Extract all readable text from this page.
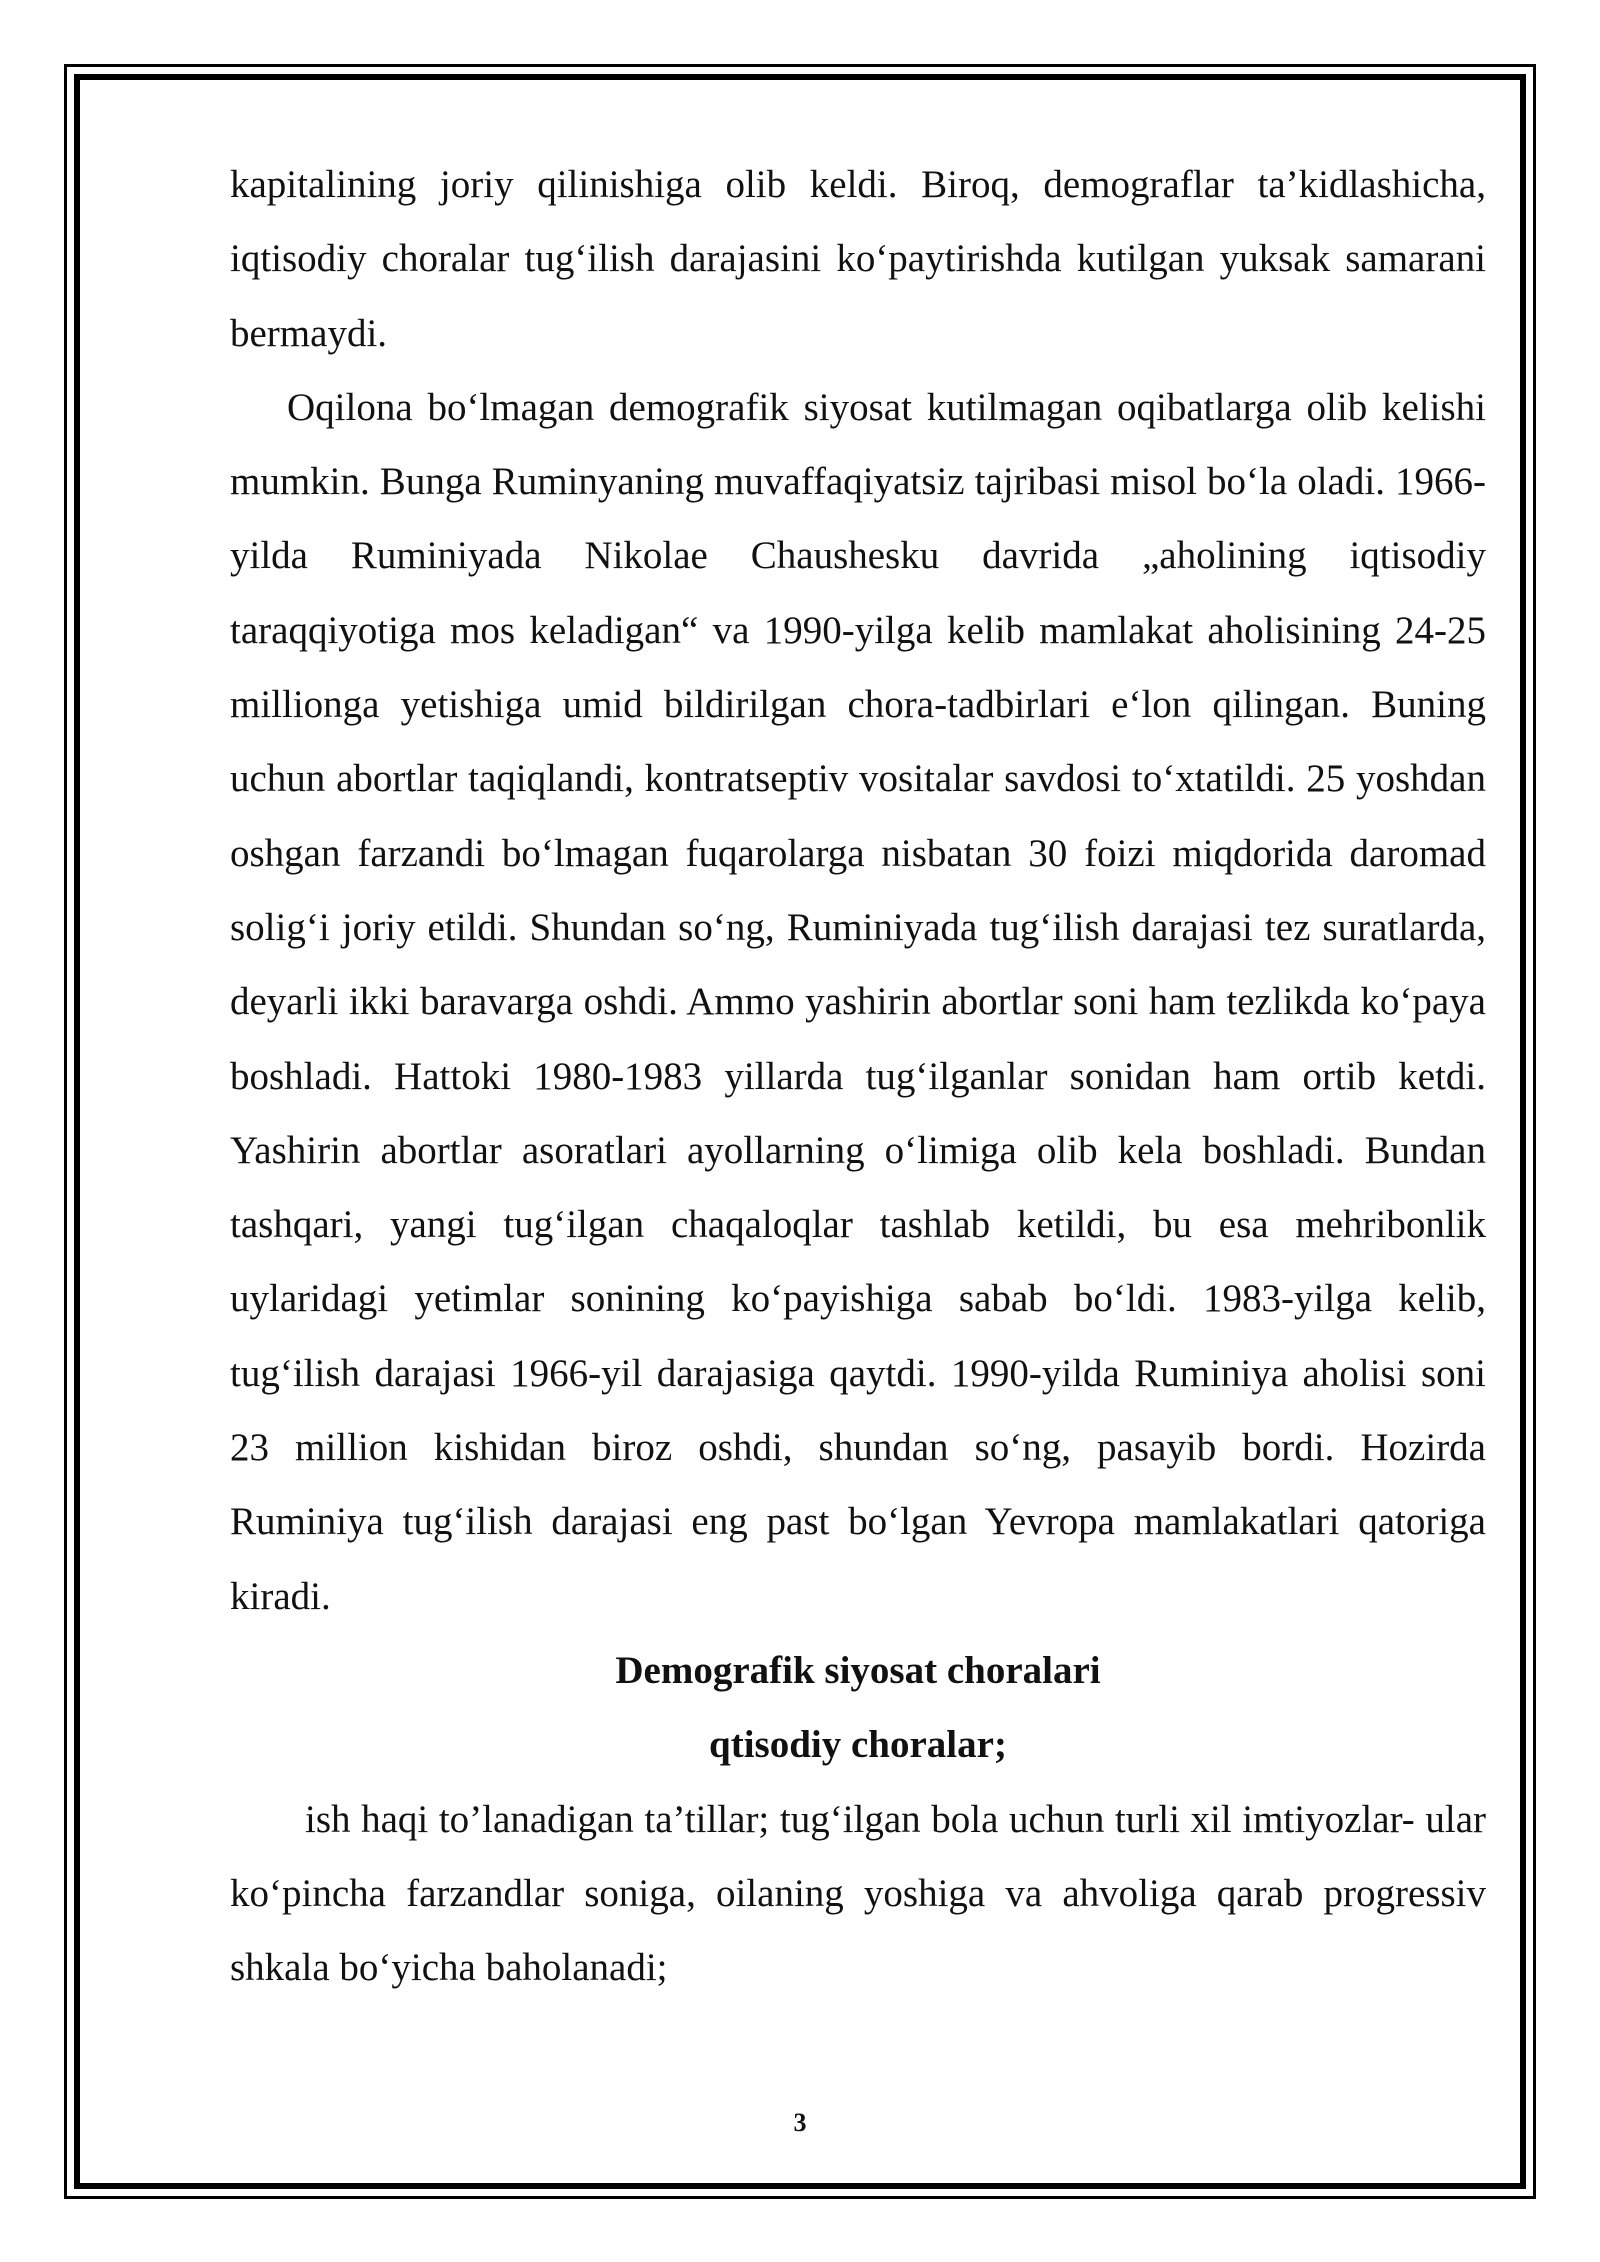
kapitalining joriy qilinishiga olib keldi. Biroq, demograflar ta’kidlashicha, iqtisodiy choralar tug‘ilish darajasini ko‘paytirishda kutilgan yuksak samarani bermaydi.

Oqilona bo‘lmagan demografik siyosat kutilmagan oqibatlarga olib kelishi mumkin. Bunga Ruminyaning muvaffaqiyatsiz tajribasi misol bo‘la oladi. 1966-yilda Ruminiyada Nikolae Chaushesku davrida „aholining iqtisodiy taraqqiyotiga mos keladigan“ va 1990-yilga kelib mamlakat aholisining 24-25 millionga yetishiga umid bildirilgan chora-tadbirlari e‘lon qilingan. Buning uchun abortlar taqiqlandi, kontratseptiv vositalar savdosi to‘xtatildi. 25 yoshdan oshgan farzandi bo‘lmagan fuqarolarga nisbatan 30 foizi miqdorida daromad solig‘i joriy etildi. Shundan so‘ng, Ruminiyada tug‘ilish darajasi tez suratlarda, deyarli ikki baravarga oshdi. Ammo yashirin abortlar soni ham tezlikda ko‘paya boshladi. Hattoki 1980-1983 yillarda tug‘ilganlar sonidan ham ortib ketdi. Yashirin abortlar asoratlari ayollarning o‘limiga olib kela boshladi. Bundan tashqari, yangi tug‘ilgan chaqaloqlar tashlab ketildi, bu esa mehribonlik uylaridagi yetimlar sonining ko‘payishiga sabab bo‘ldi. 1983-yilga kelib, tug‘ilish darajasi 1966-yil darajasiga qaytdi. 1990-yilda Ruminiya aholisi soni 23 million kishidan biroz oshdi, shundan so‘ng, pasayib bordi. Hozirda Ruminiya tug‘ilish darajasi eng past bo‘lgan Yevropa mamlakatlari qatoriga kiradi.

Demografik siyosat choralari
qtisodiy choralar;

ish haqi to’lanadigan ta’tillar; tug‘ilgan bola uchun turli xil imtiyozlar- ular ko‘pincha farzandlar soniga, oilaning yoshiga va ahvoliga qarab progressiv shkala bo‘yicha baholanadi;

3
